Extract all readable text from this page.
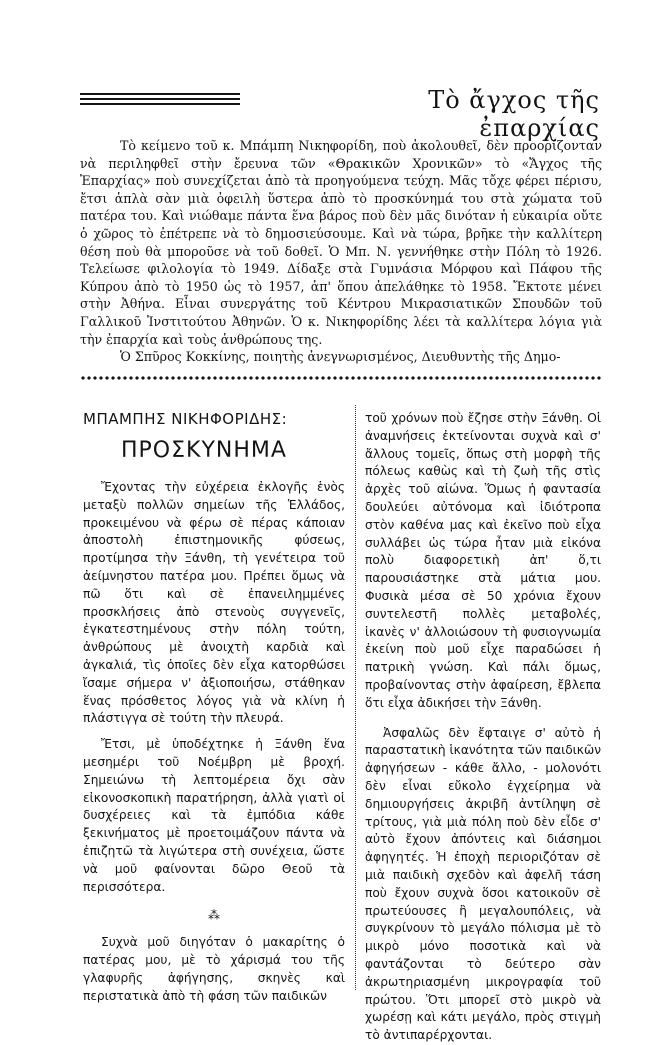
Τὸ ἄγχος τῆς ἐπαρχίας

Τὸ κείμενο τοῦ κ. Μπάμπη Νικηφορίδη, ποὺ ἀκολουθεῖ, δὲν προορίζονταν νὰ περιληφθεῖ στὴν ἔρευνα τῶν «Θρακικῶν Χρονικῶν» τὸ «Ἄγχος τῆς Ἐπαρχίας» ποὺ συνεχίζεται ἀπὸ τὰ προηγούμενα τεύχη. Μᾶς τὄχε φέρει πέρισυ, ἔτσι ἁπλὰ σὰν μιὰ ὀφειλὴ ὕστερα ἀπὸ τὸ προσκύνημά του στὰ χώματα τοῦ πατέρα του. Καὶ νιώθαμε πάντα ἕνα βάρος ποὺ δὲν μᾶς δινόταν ἡ εὐκαιρία οὔτε ὁ χῶρος τὸ ἐπέτρεπε νὰ τὸ δημοσιεύσουμε. Καὶ νὰ τώρα, βρῆκε τὴν καλλίτερη θέση ποὺ θὰ μποροῦσε νὰ τοῦ δοθεῖ. Ὁ Μπ. Ν. γεννήθηκε στὴν Πόλη τὸ 1926. Τελείωσε φιλολογία τὸ 1949. Δίδαξε στὰ Γυμνάσια Μόρφου καὶ Πάφου τῆς Κύπρου ἀπὸ τὸ 1950 ὡς τὸ 1957, ἀπ' ὅπου ἀπελάθηκε τὸ 1958. Ἔκτοτε μένει στὴν Ἀθήνα. Εἶναι συνεργάτης τοῦ Κέντρου Μικρασιατικῶν Σπουδῶν τοῦ Γαλλικοῦ Ἰνστιτούτου Ἀθηνῶν. Ὁ κ. Νικηφορίδης λέει τὰ καλλίτερα λόγια γιὰ τὴν ἐπαρχία καὶ τοὺς ἀνθρώπους της.

Ὁ Σπῦρος Κοκκίνης, ποιητὴς ἀνεγνωρισμένος, Διευθυντὴς τῆς Δημο-

ΜΠΑΜΠΗΣ ΝΙΚΗΦΟΡΙΔΗΣ:
ΠΡΟΣΚΥΝΗΜΑ

Ἔχοντας τὴν εὐχέρεια ἐκλογῆς ἑνὸς μεταξὺ πολλῶν σημείων τῆς Ἑλλάδος, προκειμένου νὰ φέρω σὲ πέρας κάποιαν ἀποστολὴ ἐπιστημονικῆς φύσεως, προτίμησα τὴν Ξάνθη, τὴ γενέτειρα τοῦ ἀείμνηστου πατέρα μου. Πρέπει ὅμως νὰ πῶ ὅτι καὶ σὲ ἐπανειλημμένες προσκλήσεις ἀπὸ στενοὺς συγγενεῖς, ἐγκατεστημένους στὴν πόλη τούτη, ἀνθρώπους μὲ ἀνοιχτὴ καρδιὰ καὶ ἀγκαλιά, τὶς ὁποῖες δὲν εἶχα κατορθώσει ἴσαμε σήμερα ν' ἀξιοποιήσω, στάθηκαν ἕνας πρόσθετος λόγος γιὰ νὰ κλίνη ἡ πλάστιγγα σὲ τούτη τὴν πλευρά.

Ἔτσι, μὲ ὑποδέχτηκε ἡ Ξάνθη ἕνα μεσημέρι τοῦ Νοέμβρη μὲ βροχή. Σημειώνω τὴ λεπτομέρεια ὄχι σὰν εἰκονοσκοπικὴ παρατήρηση, ἀλλὰ γιατὶ οἱ δυσχέρειες καὶ τὰ ἐμπόδια κάθε ξεκινήματος μὲ προετοιμάζουν πάντα νὰ ἐπιζητῶ τὰ λιγώτερα στὴ συνέχεια, ὥστε νὰ μοῦ φαίνονται δῶρο Θεοῦ τὰ περισσότερα.

⁂

Συχνὰ μοῦ διηγόταν ὁ μακαρίτης ὁ πατέρας μου, μὲ τὸ χάρισμά του τῆς γλαφυρῆς ἀφήγησης, σκηνὲς καὶ περιστατικὰ ἀπὸ τὴ φάση τῶν παιδικῶν

τοῦ χρόνων ποὺ ἔζησε στὴν Ξάνθη. Οἱ ἀναμνήσεις ἐκτείνονται συχνὰ καὶ σ' ἄλλους τομεῖς, ὅπως στὴ μορφὴ τῆς πόλεως καθὼς καὶ τὴ ζωὴ τῆς στὶς ἀρχὲς τοῦ αἰώνα. Ὅμως ἡ φαντασία δουλεύει αὐτόνομα καὶ ἰδιότροπα στὸν καθένα μας καὶ ἐκεῖνο ποὺ εἶχα συλλάβει ὡς τώρα ἦταν μιὰ εἰκόνα πολὺ διαφορετικὴ ἀπ' ὅ,τι παρουσιάστηκε στὰ μάτια μου. Φυσικὰ μέσα σὲ 50 χρόνια ἔχουν συντελεστῆ πολλὲς μεταβολές, ἱκανὲς ν' ἀλλοιώσουν τὴ φυσιογνωμία ἐκείνη ποὺ μοῦ εἶχε παραδώσει ἡ πατρικὴ γνώση. Καὶ πάλι ὅμως, προβαίνοντας στὴν ἀφαίρεση, ἔβλεπα ὅτι εἶχα ἀδικήσει τὴν Ξάνθη.

Ἀσφαλῶς δὲν ἔφταιγε σ' αὐτὸ ἡ παραστατικὴ ἱκανότητα τῶν παιδικῶν ἀφηγήσεων - κάθε ἄλλο, - μολονότι δὲν εἶναι εὔκολο ἐγχείρημα νὰ δημιουργήσεις ἀκριβῆ ἀντίληψη σὲ τρίτους, γιὰ μιὰ πόλη ποὺ δὲν εἶδε σ' αὐτὸ ἔχουν ἀπόντεις καὶ διάσημοι ἀφηγητές. Ἡ ἐποχὴ περιοριζόταν σὲ μιὰ παιδικὴ σχεδὸν καὶ ἀφελῆ τάση ποὺ ἔχουν συχνὰ ὅσοι κατοικοῦν σὲ πρωτεύουσες ἢ μεγαλουπόλεις, νὰ συγκρίνουν τὸ μεγάλο πόλισμα μὲ τὸ μικρὸ μόνο ποσοτικὰ καὶ νὰ φαντάζονται τὸ δεύτερο σὰν ἀκρωτηριασμένη μικρογραφία τοῦ πρώτου. Ὅτι μπορεῖ στὸ μικρὸ νὰ χωρέσῃ καὶ κάτι μεγάλο, πρὸς στιγμὴ τὸ ἀντιπαρέρχονται.
